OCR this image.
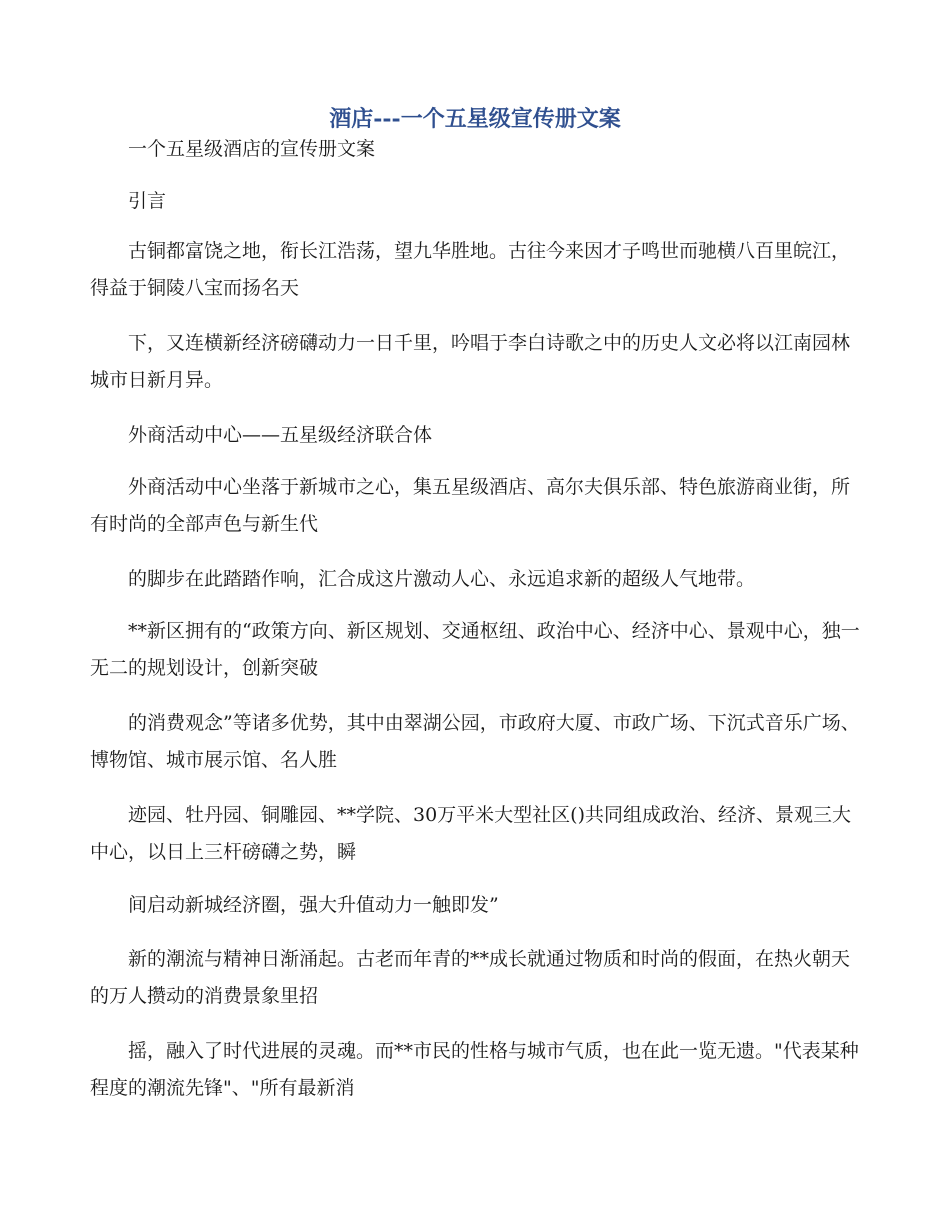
酒店---一个五星级宣传册文案

一个五星级酒店的宣传册文案

引言

古铜都富饶之地，衔长江浩荡，望九华胜地。古往今来因才子鸣世而驰横八百里皖江，得益于铜陵八宝而扬名天

下，又连横新经济磅礴动力一日千里，吟唱于李白诗歌之中的历史人文必将以江南园林城市日新月异。

外商活动中心——五星级经济联合体

外商活动中心坐落于新城市之心，集五星级酒店、高尔夫俱乐部、特色旅游商业街，所有时尚的全部声色与新生代

的脚步在此踏踏作响，汇合成这片激动人心、永远追求新的超级人气地带。

**新区拥有的“政策方向、新区规划、交通枢纽、政治中心、经济中心、景观中心，独一无二的规划设计，创新突破

的消费观念”等诸多优势，其中由翠湖公园，市政府大厦、市政广场、下沉式音乐广场、博物馆、城市展示馆、名人胜

迹园、牡丹园、铜雕园、**学院、30万平米大型社区()共同组成政治、经济、景观三大中心，以日上三杆磅礴之势，瞬

间启动新城经济圈，强大升值动力一触即发”

新的潮流与精神日渐涌起。古老而年青的**成长就通过物质和时尚的假面，在热火朝天的万人攒动的消费景象里招

摇，融入了时代进展的灵魂。而**市民的性格与城市气质，也在此一览无遗。"代表某种程度的潮流先锋"、"所有最新消
